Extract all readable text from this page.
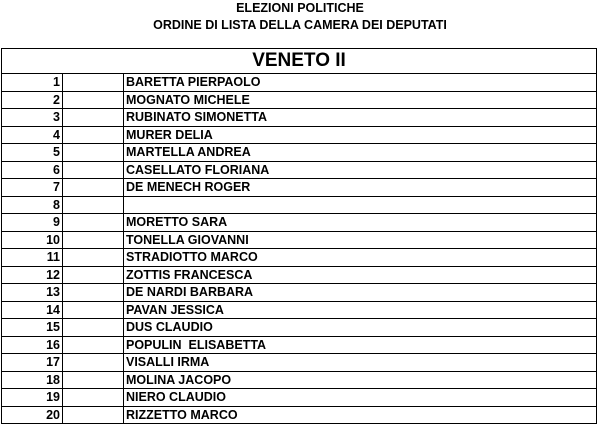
ELEZIONI POLITICHE
ORDINE DI LISTA DELLA CAMERA DEI DEPUTATI
VENETO II		
1		BARETTA PIERPAOLO
2		MOGNATO MICHELE
3		RUBINATO SIMONETTA
4		MURER DELIA
5		MARTELLA ANDREA
6		CASELLATO FLORIANA
7		DE MENECH ROGER
8		
9		MORETTO SARA
10		TONELLA GIOVANNI
11		STRADIOTTO MARCO
12		ZOTTIS FRANCESCA
13		DE NARDI BARBARA
14		PAVAN JESSICA
15		DUS CLAUDIO
16		POPULIN  ELISABETTA
17		VISALLI IRMA
18		MOLINA JACOPO
19		NIERO CLAUDIO
20		RIZZETTO MARCO
